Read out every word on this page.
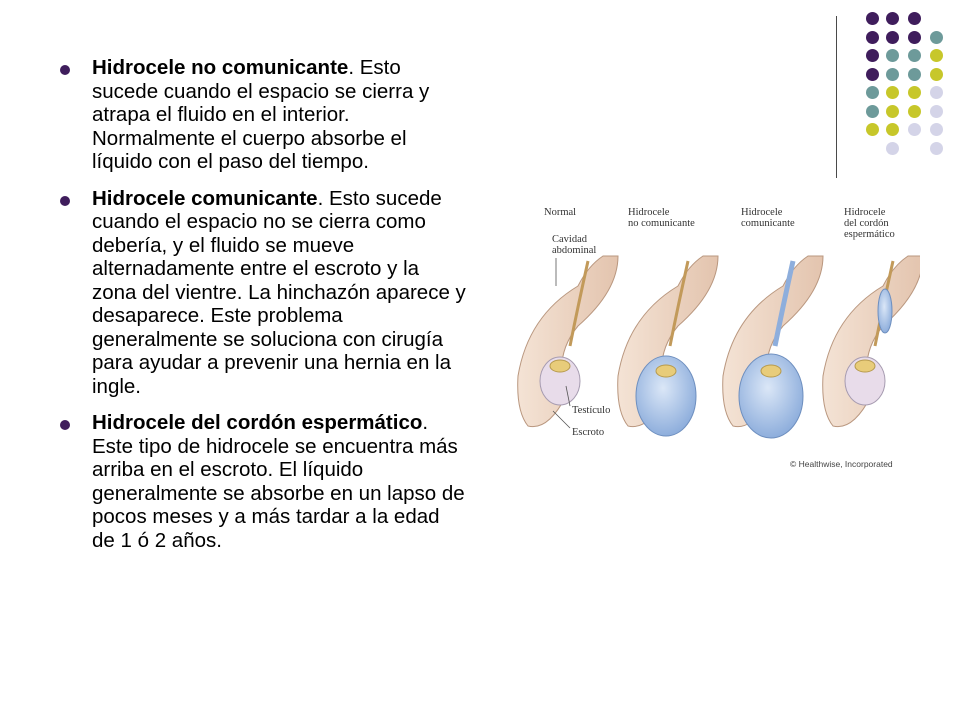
Hidrocele no comunicante. Esto sucede cuando el espacio se cierra y atrapa el fluido en el interior. Normalmente el cuerpo absorbe el líquido con el paso del tiempo.
Hidrocele comunicante. Esto sucede cuando el espacio no se cierra como debería, y el fluido se mueve alternadamente entre el escroto y la zona del vientre. La hinchazón aparece y desaparece. Este problema generalmente se soluciona con cirugía para ayudar a prevenir una hernia en la ingle.
Hidrocele del cordón espermático. Este tipo de hidrocele se encuentra más arriba en el escroto. El líquido generalmente se absorbe en un lapso de pocos meses y a más tardar a la edad de 1 ó 2 años.
Normal	Hidrocele
no comunicante
Hidrocele
comunicante
Hidrocele
del cordón
espermático
Cavidad
abdominal
Testículo
Escroto
© Healthwise, Incorporated
